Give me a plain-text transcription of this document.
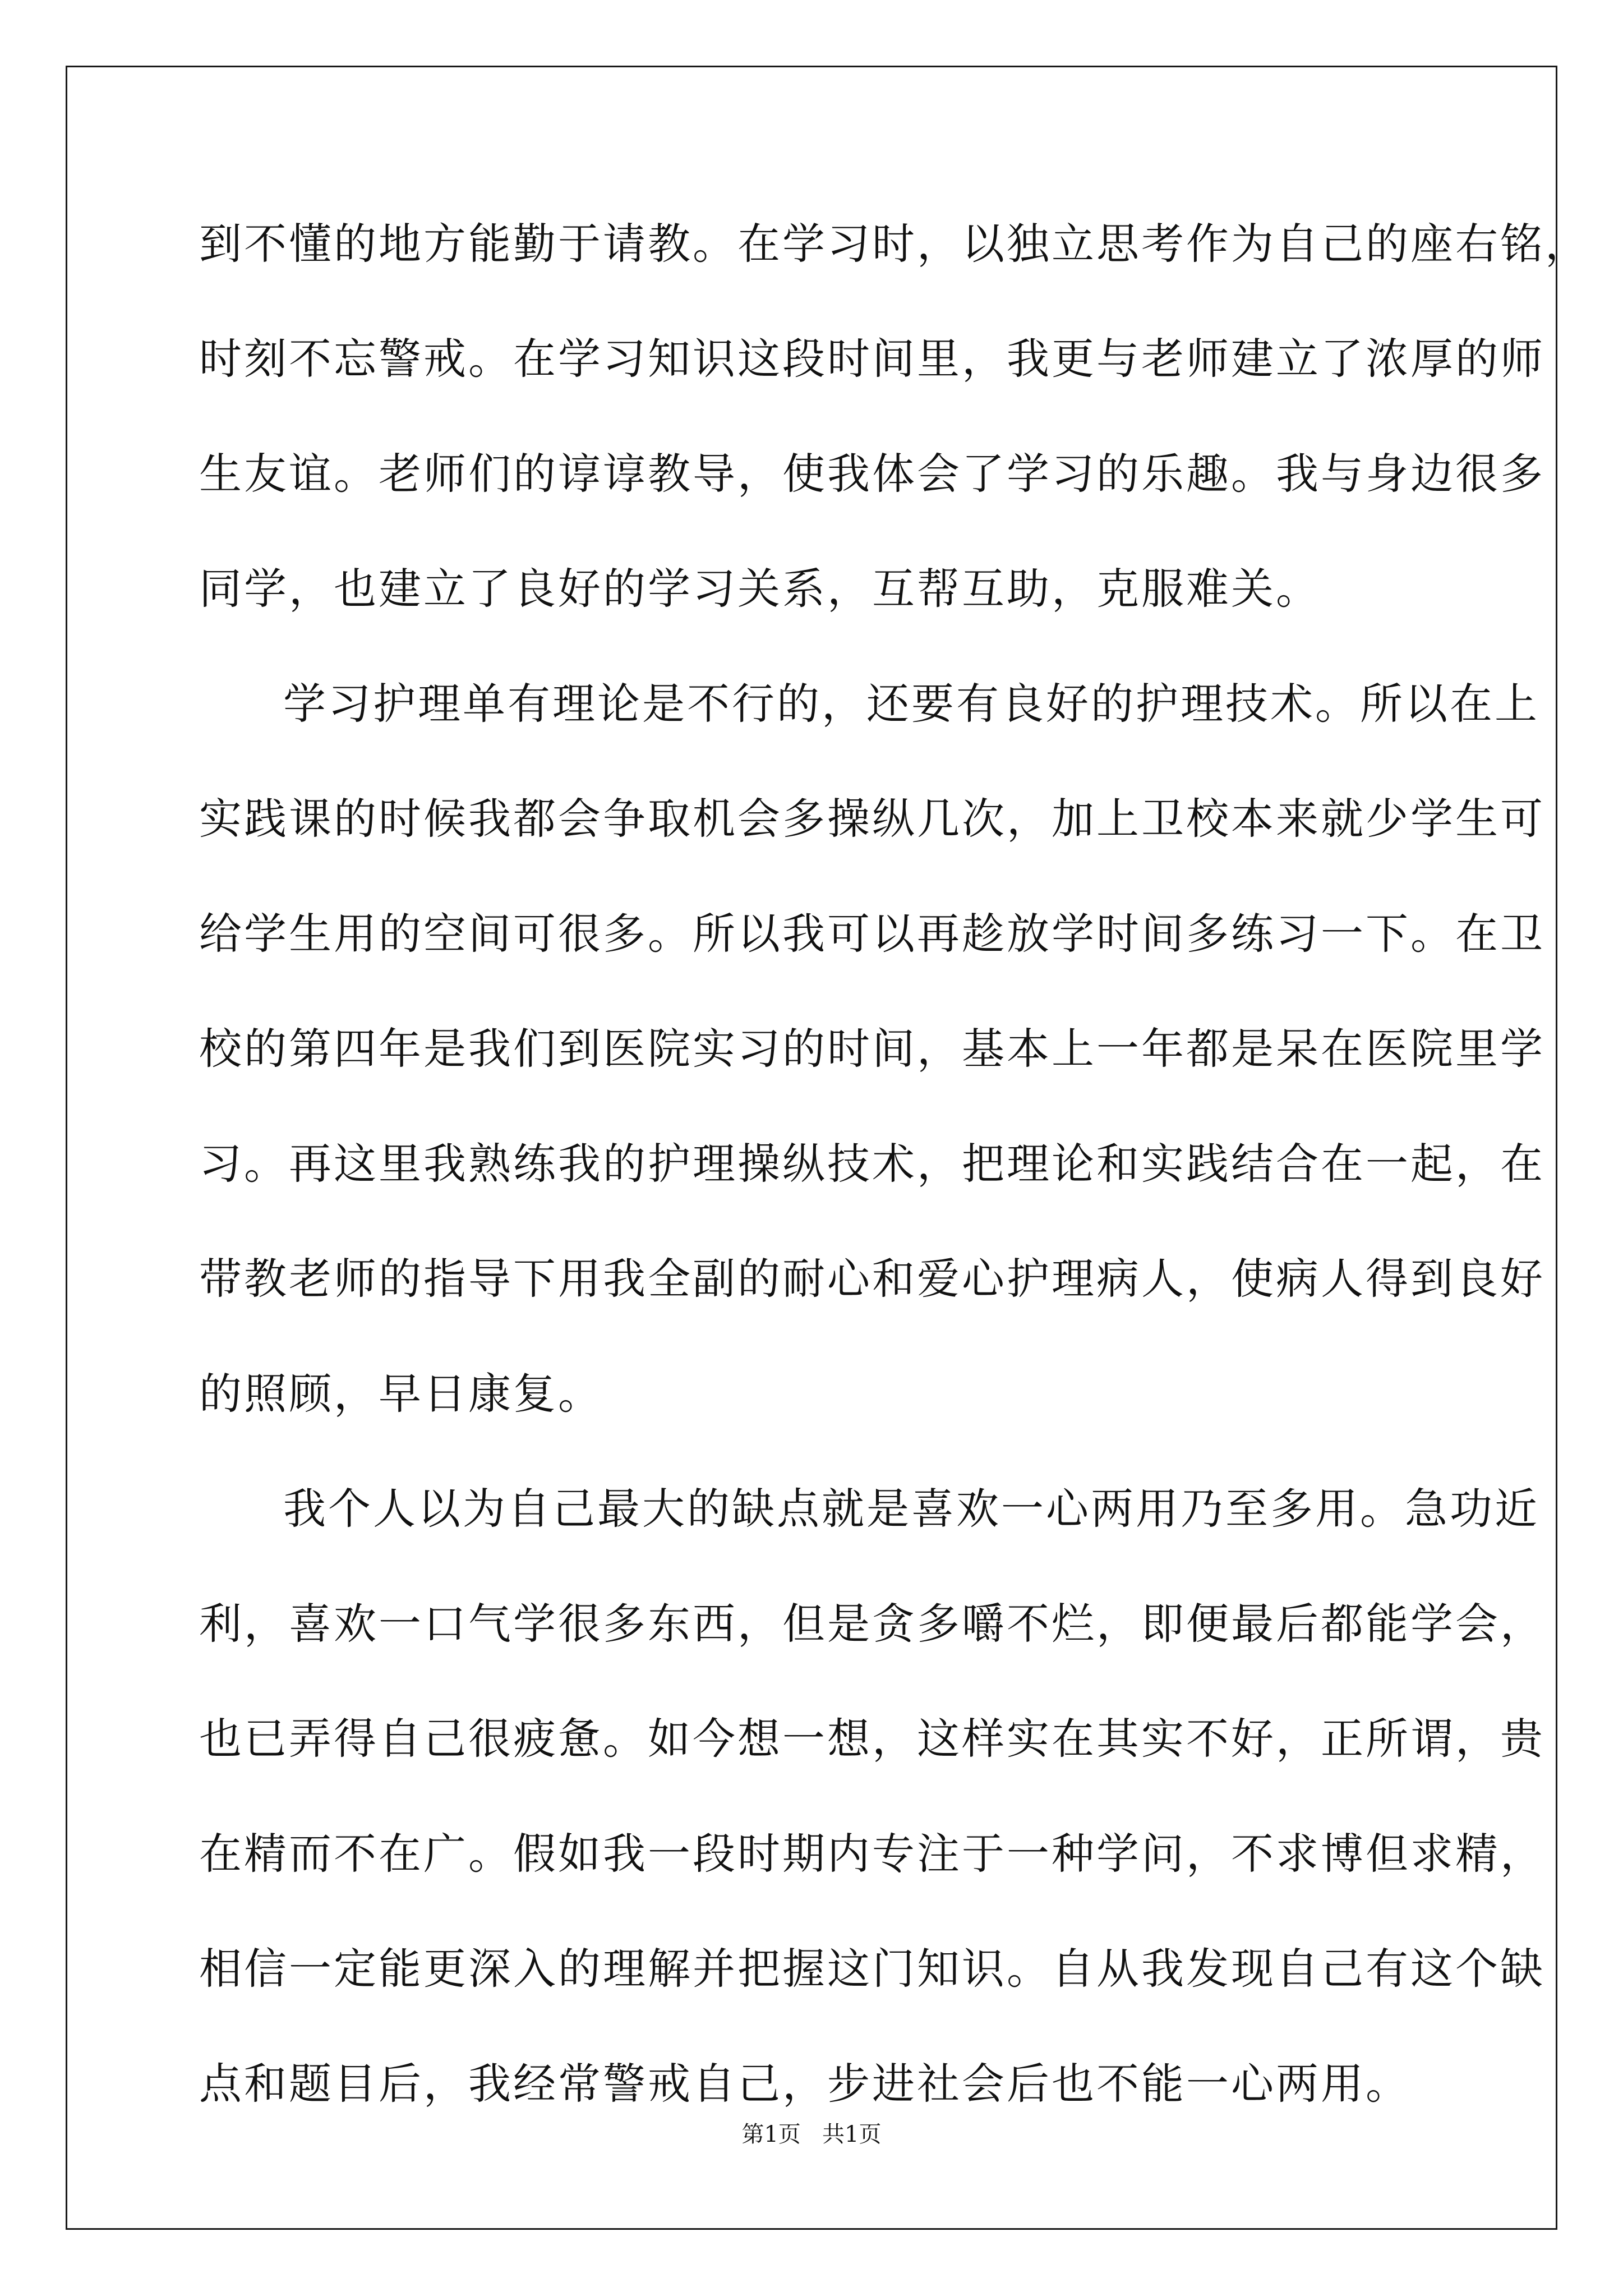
到不懂的地方能勤于请教。在学习时，以独立思考作为自己的座右铭，
时刻不忘警戒。在学习知识这段时间里，我更与老师建立了浓厚的师
生友谊。老师们的谆谆教导，使我体会了学习的乐趣。我与身边很多
同学，也建立了良好的学习关系，互帮互助，克服难关。
学习护理单有理论是不行的，还要有良好的护理技术。所以在上
实践课的时候我都会争取机会多操纵几次，加上卫校本来就少学生可
给学生用的空间可很多。所以我可以再趁放学时间多练习一下。在卫
校的第四年是我们到医院实习的时间，基本上一年都是呆在医院里学
习。再这里我熟练我的护理操纵技术，把理论和实践结合在一起，在
带教老师的指导下用我全副的耐心和爱心护理病人，使病人得到良好
的照顾，早日康复。
我个人以为自己最大的缺点就是喜欢一心两用乃至多用。急功近
利，喜欢一口气学很多东西，但是贪多嚼不烂，即便最后都能学会，
也已弄得自己很疲惫。如今想一想，这样实在其实不好，正所谓，贵
在精而不在广。假如我一段时期内专注于一种学问，不求博但求精，
相信一定能更深入的理解并把握这门知识。自从我发现自己有这个缺
点和题目后，我经常警戒自己，步进社会后也不能一心两用。
第1页   共1页
